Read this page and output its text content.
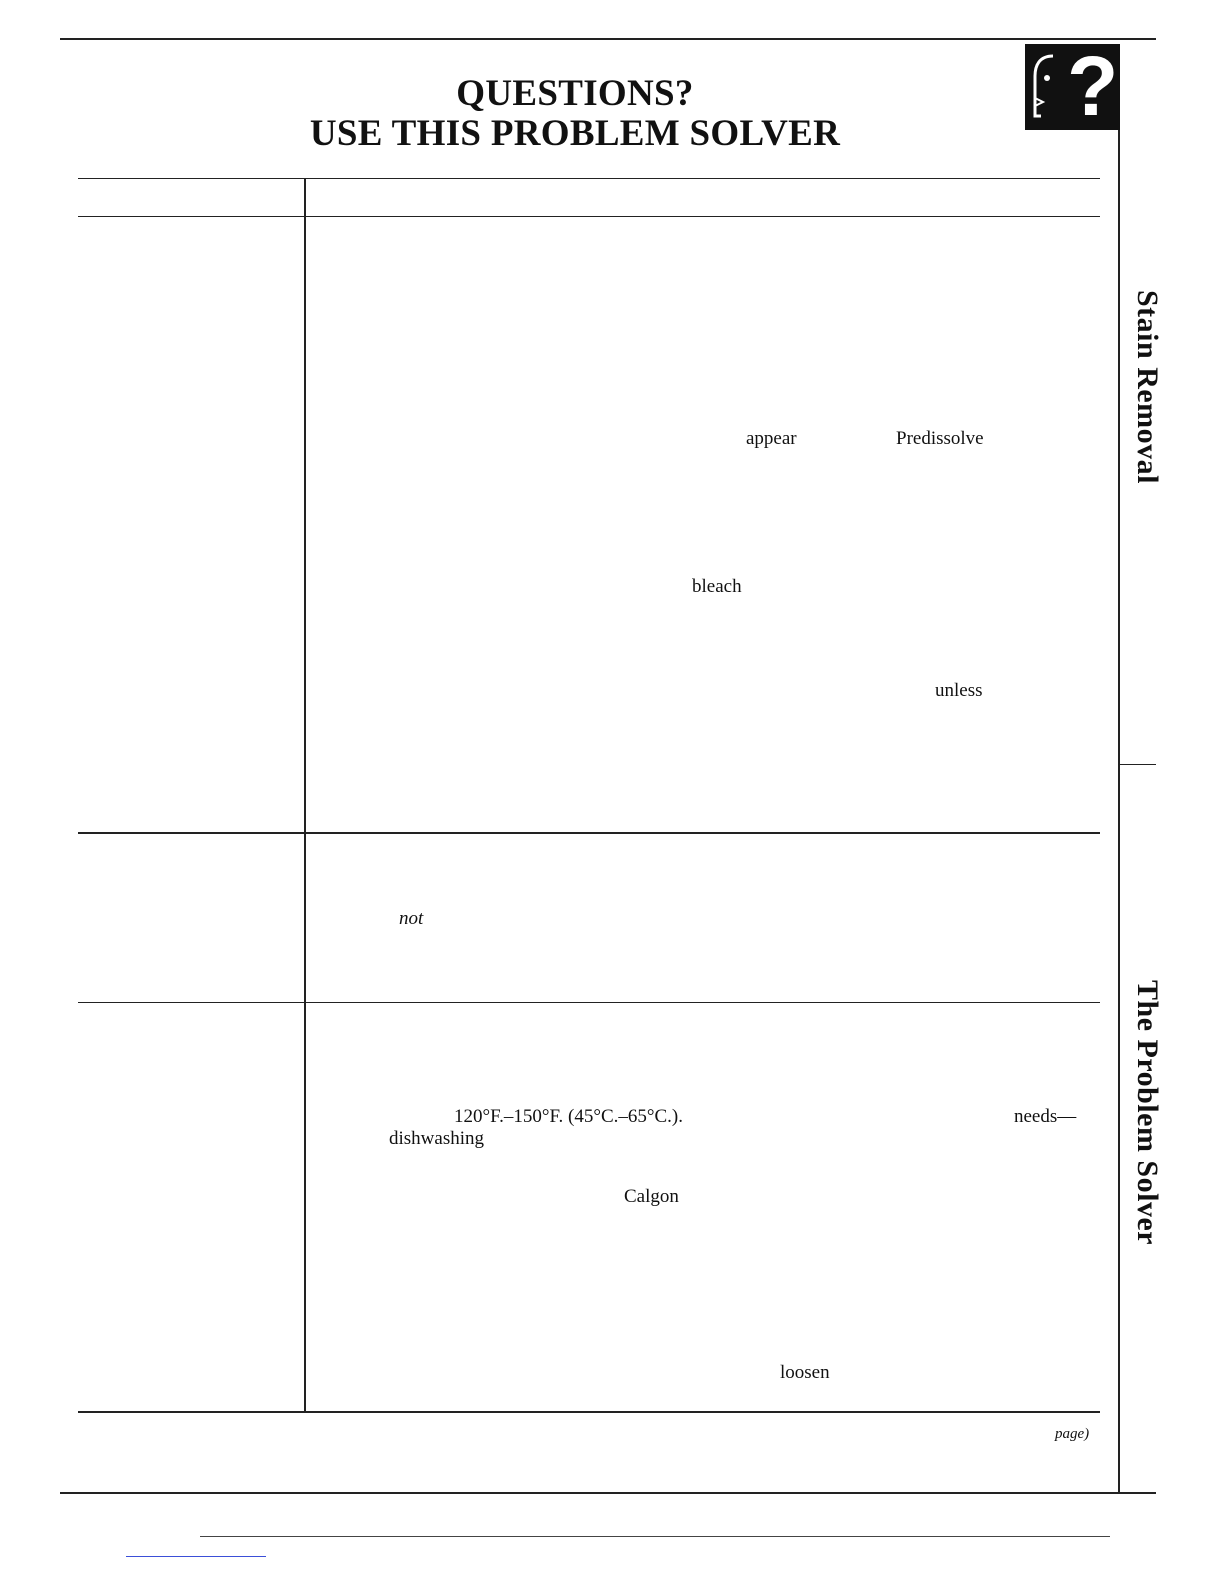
QUESTIONS?
USE THIS PROBLEM SOLVER
?
Stain Removal
The Problem Solver
appear	Predissolve
bleach
unless
not
120°F.–150°F. (45°C.–65°C.).	needs—
dishwashing
Calgon
loosen
page)
